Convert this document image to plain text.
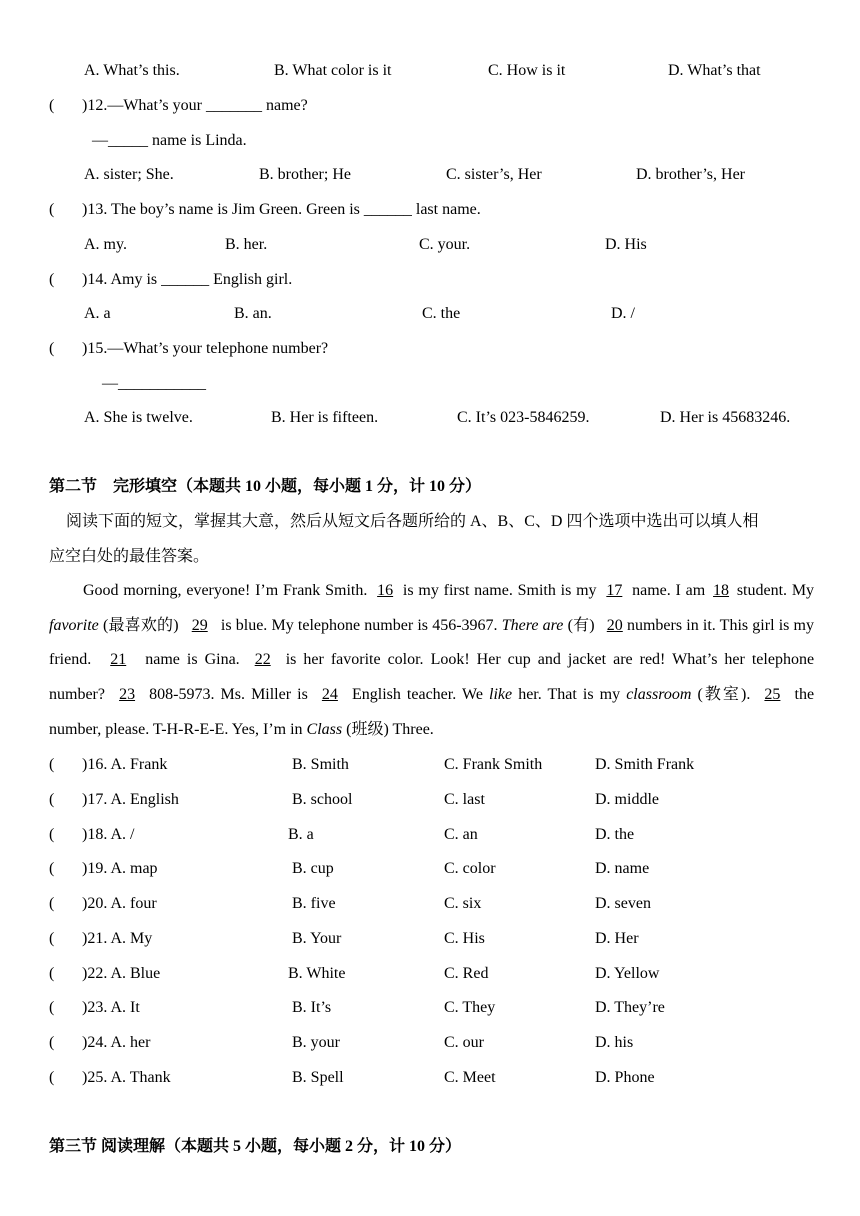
A. What’s this.	B. What color is it	C. How is it	D. What’s that
( )12.—What’s your _______ name?
—_____ name is Linda.
A. sister; She.	B. brother; He	C. sister’s, Her	D. brother’s, Her
( )13. The boy’s name is Jim Green. Green is ______ last name.
A. my.	B. her.	C. your.	D. His
( )14. Amy is ______ English girl.
A. a	B. an.	C. the	D. /
( )15.—What’s your telephone number?
—___________
A. She is twelve.	B. Her is fifteen.	C. It’s 023-5846259.	D. Her is 45683246.
第二节　完形填空（本题共 10 小题，每小题 1 分，计 10 分）
阅读下面的短文，掌握其大意，然后从短文后各题所给的 A、B、C、D 四个选项中选出可以填人相
应空白处的最佳答案。
Good morning, everyone! I’m Frank Smith. 16 is my first name. Smith is my 17 name. I am 18 student. My favorite (最喜欢的) 29 is blue. My telephone number is 456-3967. There are (有) 20 numbers in it. This girl is my friend. 21 name is Gina. 22 is her favorite color. Look! Her cup and jacket are red! What’s her telephone number? 23 808-5973. Ms. Miller is 24 English teacher. We like her. That is my classroom (教室). 25 the number, please. T-H-R-E-E. Yes, I’m in Class (班级) Three.
( )16. A. Frank	B. Smith	C. Frank Smith	D. Smith Frank
( )17. A. English	B. school	C. last	D. middle
( )18. A. /	B. a	C. an	D. the
( )19. A. map	B. cup	C. color	D. name
( )20. A. four	B. five	C. six	D. seven
( )21. A. My	B. Your	C. His	D. Her
( )22. A. Blue	B. White	C. Red	D. Yellow
( )23. A. It	B. It’s	C. They	D. They’re
( )24. A. her	B. your	C. our	D. his
( )25. A. Thank	B. Spell	C. Meet	D. Phone
第三节 阅读理解（本题共 5 小题，每小题 2 分，计 10 分）
